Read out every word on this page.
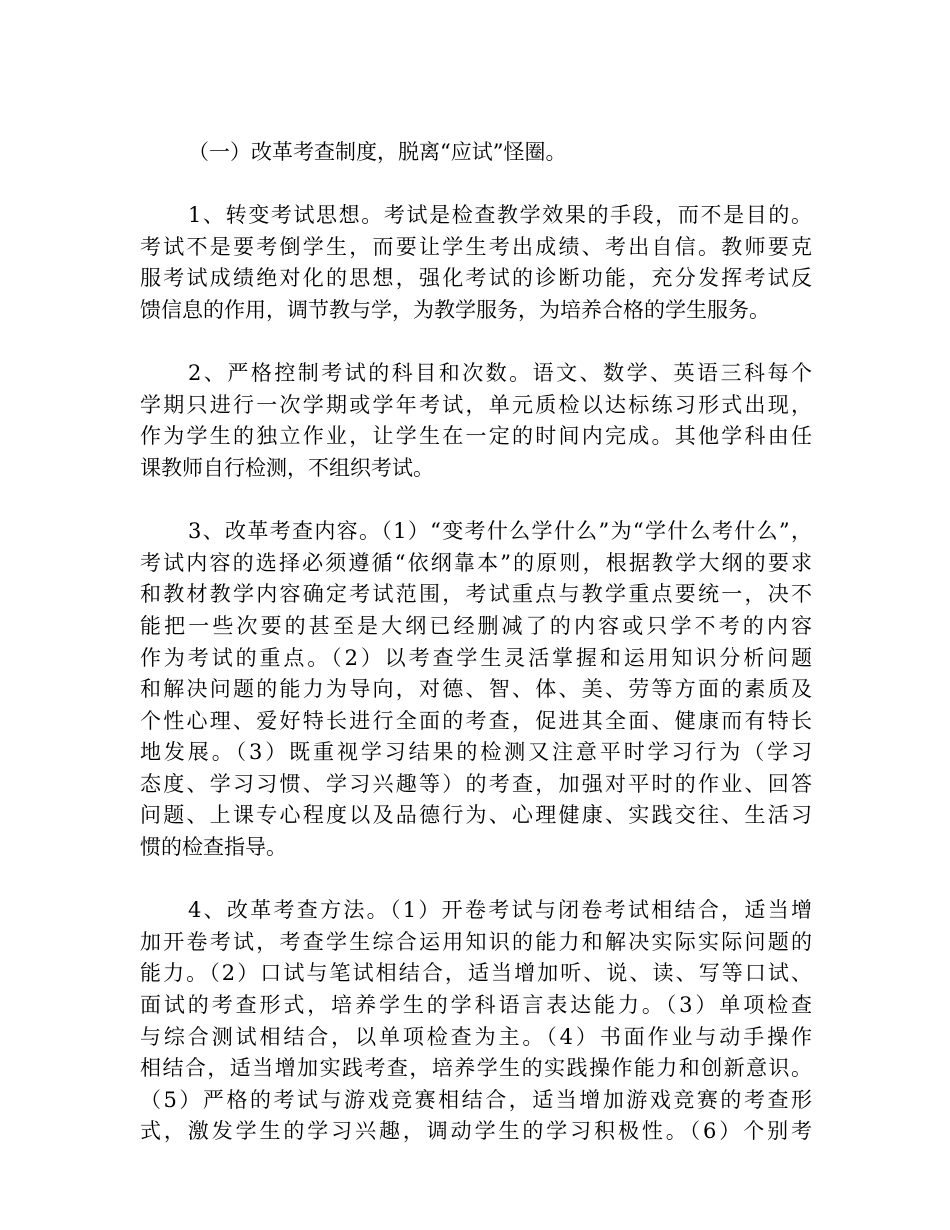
（一）改革考查制度，脱离“应试”怪圈。

1、转变考试思想。考试是检查教学效果的手段，而不是目的。
考试不是要考倒学生，而要让学生考出成绩、考出自信。教师要克
服考试成绩绝对化的思想，强化考试的诊断功能，充分发挥考试反
馈信息的作用，调节教与学，为教学服务，为培养合格的学生服务。
2、严格控制考试的科目和次数。语文、数学、英语三科每个
学期只进行一次学期或学年考试，单元质检以达标练习形式出现，
作为学生的独立作业，让学生在一定的时间内完成。其他学科由任
课教师自行检测，不组织考试。
3、改革考查内容。（1）“变考什么学什么”为“学什么考什么”，
考试内容的选择必须遵循“依纲靠本”的原则，根据教学大纲的要求
和教材教学内容确定考试范围，考试重点与教学重点要统一，决不
能把一些次要的甚至是大纲已经删减了的内容或只学不考的内容
作为考试的重点。（2）以考查学生灵活掌握和运用知识分析问题
和解决问题的能力为导向，对德、智、体、美、劳等方面的素质及
个性心理、爱好特长进行全面的考查，促进其全面、健康而有特长
地发展。（3）既重视学习结果的检测又注意平时学习行为（学习
态度、学习习惯、学习兴趣等）的考查，加强对平时的作业、回答
问题、上课专心程度以及品德行为、心理健康、实践交往、生活习
惯的检查指导。
4、改革考查方法。（1）开卷考试与闭卷考试相结合，适当增
加开卷考试，考查学生综合运用知识的能力和解决实际实际问题的
能力。（2）口试与笔试相结合，适当增加听、说、读、写等口试、
面试的考查形式，培养学生的学科语言表达能力。（3）单项检查
与综合测试相结合，以单项检查为主。（4）书面作业与动手操作
相结合，适当增加实践考查，培养学生的实践操作能力和创新意识。
（5）严格的考试与游戏竞赛相结合，适当增加游戏竞赛的考查形
式，激发学生的学习兴趣，调动学生的学习积极性。（6）个别考
